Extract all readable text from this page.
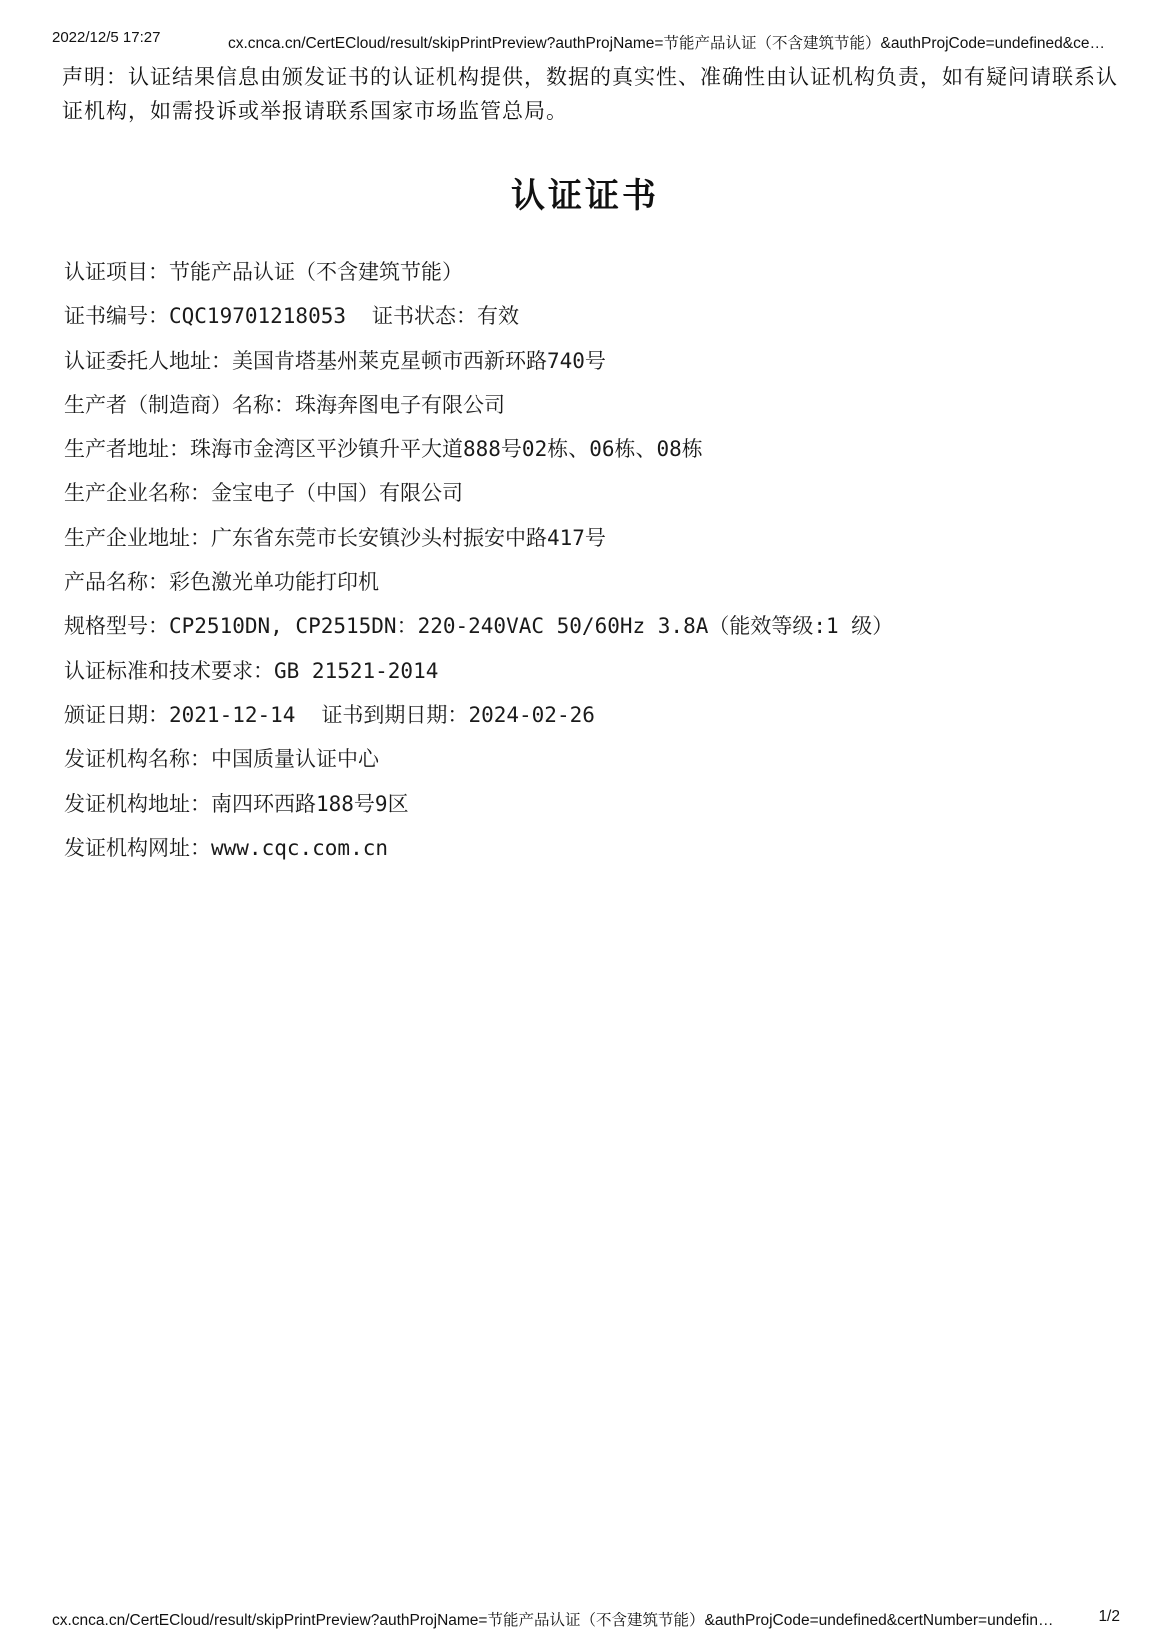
2022/12/5 17:27	cx.cnca.cn/CertECloud/result/skipPrintPreview?authProjName=节能产品认证（不含建筑节能）&authProjCode=undefined&ce…

声明：认证结果信息由颁发证书的认证机构提供，数据的真实性、准确性由认证机构负责，如有疑问请联系认证机构，如需投诉或举报请联系国家市场监管总局。

认证证书
认证项目：节能产品认证（不含建筑节能）
证书编号：CQC19701218053 证书状态：有效
认证委托人地址：美国肯塔基州莱克星顿市西新环路740号
生产者（制造商）名称：珠海奔图电子有限公司
生产者地址：珠海市金湾区平沙镇升平大道888号02栋、06栋、08栋
生产企业名称：金宝电子（中国）有限公司
生产企业地址：广东省东莞市长安镇沙头村振安中路417号
产品名称：彩色激光单功能打印机
规格型号：CP2510DN, CP2515DN：220-240VAC 50/60Hz 3.8A（能效等级:1 级）
认证标准和技术要求：GB 21521-2014
颁证日期：2021-12-14 证书到期日期：2024-02-26
发证机构名称：中国质量认证中心
发证机构地址：南四环西路188号9区
发证机构网址：www.cqc.com.cn
cx.cnca.cn/CertECloud/result/skipPrintPreview?authProjName=节能产品认证（不含建筑节能）&authProjCode=undefined&certNumber=undefine…	1/2
